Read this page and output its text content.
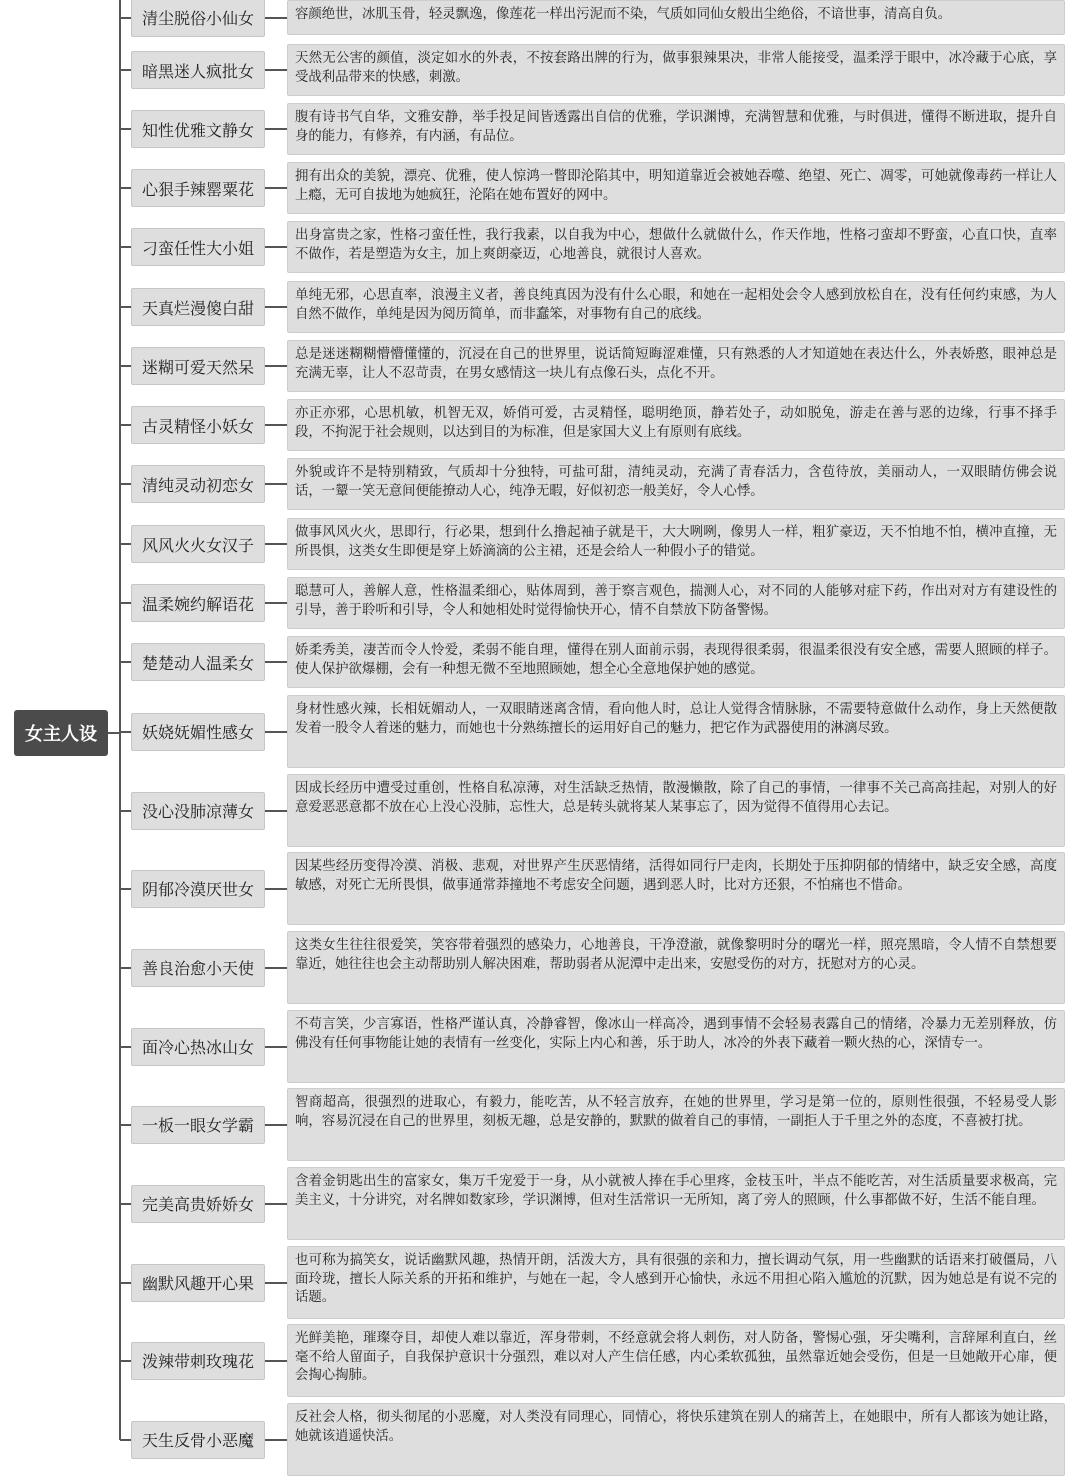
女主人设
清尘脱俗小仙女	容颜绝世，冰肌玉骨，轻灵飘逸，像莲花一样出污泥而不染，气质如同仙女般出尘绝俗，不谙世事，清高自负。
暗黑迷人疯批女
天然无公害的颜值，淡定如水的外表，不按套路出牌的行为，做事狠辣果决，非常人能接受，温柔浮于眼中，冰冷藏于心底，享受战利品带来的快感，刺激。
知性优雅文静女
腹有诗书气自华，文雅安静，举手投足间皆透露出自信的优雅，学识渊博，充满智慧和优雅，与时俱进，懂得不断进取，提升自身的能力，有修养，有内涵，有品位。
心狠手辣罂粟花
拥有出众的美貌，漂亮、优雅，使人惊鸿一瞥即沦陷其中，明知道靠近会被她吞噬、绝望、死亡、凋零，可她就像毒药一样让人上瘾，无可自拔地为她疯狂，沦陷在她布置好的网中。
刁蛮任性大小姐
出身富贵之家，性格刁蛮任性，我行我素，以自我为中心，想做什么就做什么，作天作地，性格刁蛮却不野蛮，心直口快，直率不做作，若是塑造为女主，加上爽朗豪迈，心地善良，就很讨人喜欢。
天真烂漫傻白甜
单纯无邪，心思直率，浪漫主义者，善良纯真因为没有什么心眼，和她在一起相处会令人感到放松自在，没有任何约束感，为人自然不做作，单纯是因为阅历简单，而非蠢笨，对事物有自己的底线。
迷糊可爱天然呆
总是迷迷糊糊懵懵懂懂的，沉浸在自己的世界里，说话简短晦涩难懂，只有熟悉的人才知道她在表达什么，外表娇憨，眼神总是充满无辜，让人不忍苛责，在男女感情这一块儿有点像石头，点化不开。
古灵精怪小妖女
亦正亦邪，心思机敏，机智无双，娇俏可爱，古灵精怪，聪明绝顶，静若处子，动如脱兔，游走在善与恶的边缘，行事不择手段，不拘泥于社会规则，以达到目的为标准，但是家国大义上有原则有底线。
清纯灵动初恋女
外貌或许不是特别精致，气质却十分独特，可盐可甜，清纯灵动，充满了青春活力，含苞待放，美丽动人，一双眼睛仿佛会说话，一颦一笑无意间便能撩动人心，纯净无暇，好似初恋一般美好，令人心悸。
风风火火女汉子
做事风风火火，思即行，行必果，想到什么撸起袖子就是干，大大咧咧，像男人一样，粗犷豪迈，天不怕地不怕，横冲直撞，无所畏惧，这类女生即便是穿上娇滴滴的公主裙，还是会给人一种假小子的错觉。
温柔婉约解语花
聪慧可人，善解人意，性格温柔细心，贴体周到，善于察言观色，揣测人心，对不同的人能够对症下药，作出对对方有建设性的引导，善于聆听和引导，令人和她相处时觉得愉快开心，情不自禁放下防备警惕。
楚楚动人温柔女
娇柔秀美，凄苦而令人怜爱，柔弱不能自理，懂得在别人面前示弱，表现得很柔弱，很温柔很没有安全感，需要人照顾的样子。使人保护欲爆棚，会有一种想无微不至地照顾她，想全心全意地保护她的感觉。
妖娆妩媚性感女
身材性感火辣，长相妩媚动人，一双眼睛迷离含情，看向他人时，总让人觉得含情脉脉，不需要特意做什么动作，身上天然便散发着一股令人着迷的魅力，而她也十分熟练擅长的运用好自己的魅力，把它作为武器使用的淋漓尽致。
没心没肺凉薄女
因成长经历中遭受过重创，性格自私凉薄，对生活缺乏热情，散漫懒散，除了自己的事情，一律事不关己高高挂起，对别人的好意爱恶恶意都不放在心上没心没肺，忘性大，总是转头就将某人某事忘了，因为觉得不值得用心去记。
阴郁冷漠厌世女
因某些经历变得冷漠、消极、悲观，对世界产生厌恶情绪，活得如同行尸走肉，长期处于压抑阴郁的情绪中，缺乏安全感，高度敏感，对死亡无所畏惧，做事通常莽撞地不考虑安全问题，遇到恶人时，比对方还狠，不怕痛也不惜命。
善良治愈小天使
这类女生往往很爱笑，笑容带着强烈的感染力，心地善良，干净澄澈，就像黎明时分的曙光一样，照亮黑暗，令人情不自禁想要靠近，她往往也会主动帮助别人解决困难，帮助弱者从泥潭中走出来，安慰受伤的对方，抚慰对方的心灵。
面冷心热冰山女
不苟言笑，少言寡语，性格严谨认真，冷静睿智，像冰山一样高冷，遇到事情不会轻易表露自己的情绪，冷暴力无差别释放，仿佛没有任何事物能让她的表情有一丝变化，实际上内心和善，乐于助人，冰冷的外表下藏着一颗火热的心，深情专一。
一板一眼女学霸
智商超高，很强烈的进取心，有毅力，能吃苦，从不轻言放弃，在她的世界里，学习是第一位的，原则性很强，不轻易受人影响，容易沉浸在自己的世界里，刻板无趣，总是安静的，默默的做着自己的事情，一副拒人于千里之外的态度，不喜被打扰。
完美高贵娇娇女
含着金钥匙出生的富家女，集万千宠爱于一身，从小就被人捧在手心里疼，金枝玉叶，半点不能吃苦，对生活质量要求极高，完美主义，十分讲究，对名牌如数家珍，学识渊博，但对生活常识一无所知，离了旁人的照顾，什么事都做不好，生活不能自理。
幽默风趣开心果
也可称为搞笑女，说话幽默风趣，热情开朗，活泼大方，具有很强的亲和力，擅长调动气氛，用一些幽默的话语来打破僵局，八面玲珑，擅长人际关系的开拓和维护，与她在一起，令人感到开心愉快，永远不用担心陷入尴尬的沉默，因为她总是有说不完的话题。
泼辣带刺玫瑰花
光鲜美艳，璀璨夺目，却使人难以靠近，浑身带刺，不经意就会将人刺伤，对人防备，警惕心强，牙尖嘴利，言辞犀利直白，丝毫不给人留面子，自我保护意识十分强烈，难以对人产生信任感，内心柔软孤独，虽然靠近她会受伤，但是一旦她敞开心扉，便会掏心掏肺。
天生反骨小恶魔
反社会人格，彻头彻尾的小恶魔，对人类没有同理心，同情心，将快乐建筑在别人的痛苦上，在她眼中，所有人都该为她让路，她就该逍遥快活。
